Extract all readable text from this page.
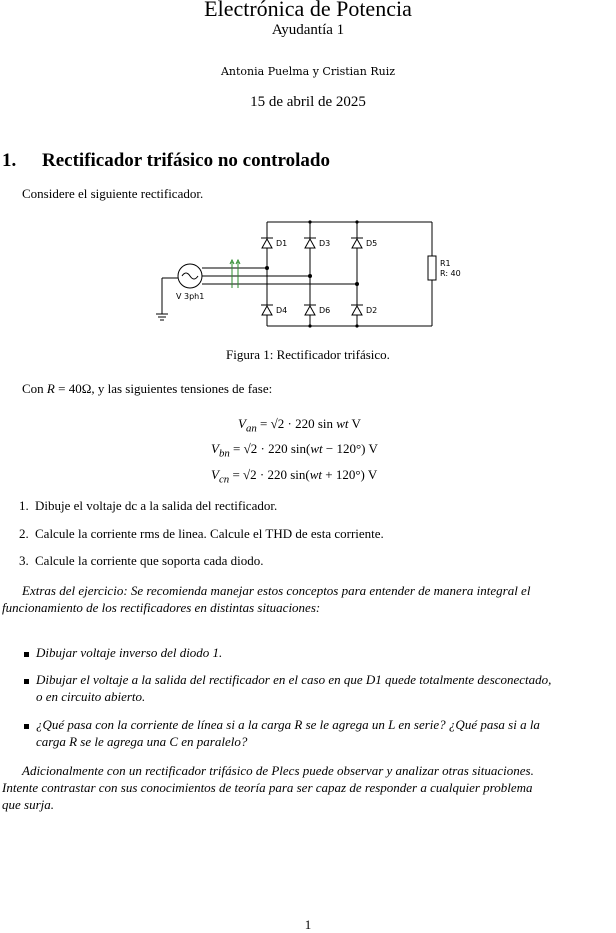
Electrónica de Potencia
Ayudantía 1
Antonia Puelma y Cristian Ruiz
15 de abril de 2025
1. Rectificador trifásico no controlado
Considere el siguiente rectificador.
D1	D3	D5
D4	D6	D2
R1
R: 40
V 3ph1
Figura 1: Rectificador trifásico.
Con R = 40Ω, y las siguientes tensiones de fase:
$V_{an} = √2 \cdot 220$ sin wt V
$V_{bn} = √2 \cdot 220$ sin(wt − 120°) V
$V_{cn} = √2 \cdot 220$ sin(wt + 120°) V
1. Dibuje el voltaje dc a la salida del rectificador.
2. Calcule la corriente rms de linea. Calcule el THD de esta corriente.
3. Calcule la corriente que soporta cada diodo.
Extras del ejercicio: Se recomienda manejar estos conceptos para entender de manera integral el
funcionamiento de los rectificadores en distintas situaciones:
Dibujar voltaje inverso del diodo 1.
Dibujar el voltaje a la salida del rectificador en el caso en que D1 quede totalmente desconectado,
o en circuito abierto.
¿Qué pasa con la corriente de línea si a la carga R se le agrega un L en serie? ¿Qué pasa si a la
carga R se le agrega una C en paralelo?
Adicionalmente con un rectificador trifásico de Plecs puede observar y analizar otras situaciones.
Intente contrastar con sus conocimientos de teoría para ser capaz de responder a cualquier problema
que surja.
1
